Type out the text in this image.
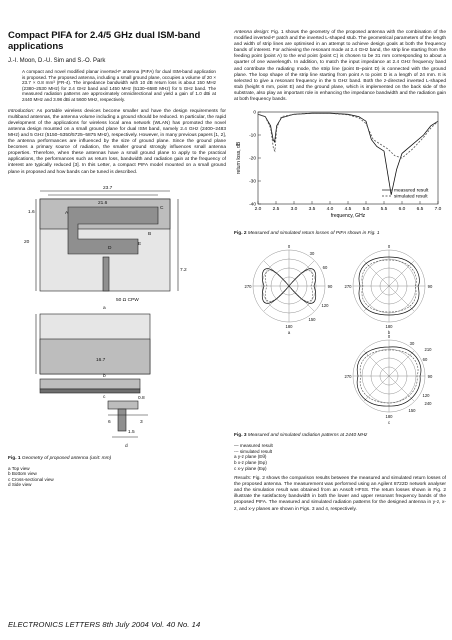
Compact PIFA for 2.4/5 GHz dual ISM-band applications
J.-I. Moon, D.-U. Sim and S.-O. Park
A compact and novel modified planar inverted-F antenna (PIFA) for dual ISM-band application is proposed. The proposed antenna, including a small ground plane, occupies a volume of 20 × 23.7 × 0.8 mm³ (FR-4). The impedance bandwidth with 10 dB return loss is about 150 MHz (2380–2530 MHz) for 2.4 GHz band and 1450 MHz (5130–6580 MHz) for 5 GHz band. The measured radiation patterns are approximately omnidirectional and yield a gain of 1.0 dBi at 2440 MHz and 3.98 dBi at 5600 MHz, respectively.
Introduction: As portable wireless devices become smaller and have the design requirements for multiband antennas, the antenna volume including a ground should be reduced. In particular, the rapid development of the applications for wireless local area network (WLAN) has promoted the novel antenna design mounted on a small ground plane for dual ISM band, namely 2.4 GHz (2400–2483 MHz) and 5 GHz (5150–5350/5725–5875 MHz), respectively. However, in many previous papers [1, 2], the antenna performances are influenced by the size of ground plane. Since the ground plane becomes a primary source of radiation, the smaller ground strongly influences small antenna properties. Therefore, when these antennas have a small ground plane to apply to the practical applications, the performances such as return loss, bandwidth and radiation gain at the frequency of interest are typically reduced [3]. In this Letter, a compact PIFA model mounted on a small ground plane is proposed and how bands can be tuned is described.
23.7
21.6
1.6
20
7.2
A
B
C
D
E
50 Ω CPW
a
16.7
b
c	0.8
6	3
1.5
d
Fig. 1 Geometry of proposed antenna (unit: mm)
a Top view
b Bottom view
c Cross-sectional view
d Side view
Antenna design: Fig. 1 shows the geometry of the proposed antenna with the combination of the modified inverted-F patch and the inverted L-shaped stub. The geometrical parameters of the length and width of strip lines are optimised in an attempt to achieve design goals at both the frequency bands of interest. For achieving the resonant mode at 2.4 GHz band, the strip line starting from the feeding point (point A) to the end point (point C) is chosen to be 31 mm corresponding to about a quarter of one wavelength. In addition, to match the input impedance at 2.4 GHz frequency band and contribute the radiating mode, the strip line (point B–point D) is connected with the ground plane. The loop shape of the strip line starting from point A to point D is a length of 24 mm. It is selected to give a resonant frequency in the 5 GHz band. Both the z-directed inverted L-shaped stub (height 6 mm, point E) and the ground plane, which is implemented on the back side of the substrate, also play an important role in enhancing the impedance bandwidth and the radiation gain at both frequency bands.
0
-10
-20
-30
-40
2.0 2.5 3.0 3.5 4.0 4.5 5.0 5.5 6.0 6.5 7.0
frequency, GHz
return loss, dB
measured result
simulated result
Fig. 2 Measured and simulated return losses of PIFA shown in Fig. 1
0
30
60
90
120
150
180
270
a
0
90
180
270
b
0
30
90
60
180
150
120
270
210
240
c
Fig. 3 Measured and simulated radiation patterns at 2440 MHz
— measured result
--- simulated result
a y-z plane (Eθ)
b x-z plane (Eφ)
c x-y plane (Eφ)
Results: Fig. 2 shows the comparison results between the measured and simulated return losses of the proposed antenna. The measurement was performed using an Agilent 8722D network analyser and the simulation result was obtained from an Ansoft HFSS. The return losses shown in Fig. 2 illustrate the satisfactory bandwidth in both the lower and upper resonant frequency bands of the proposed PIFA. The measured and simulated radiation patterns for the designed antenna in y-z, x-z, and x-y planes are shown in Figs. 3 and 4, respectively.
ELECTRONICS LETTERS 8th July 2004 Vol. 40 No. 14
